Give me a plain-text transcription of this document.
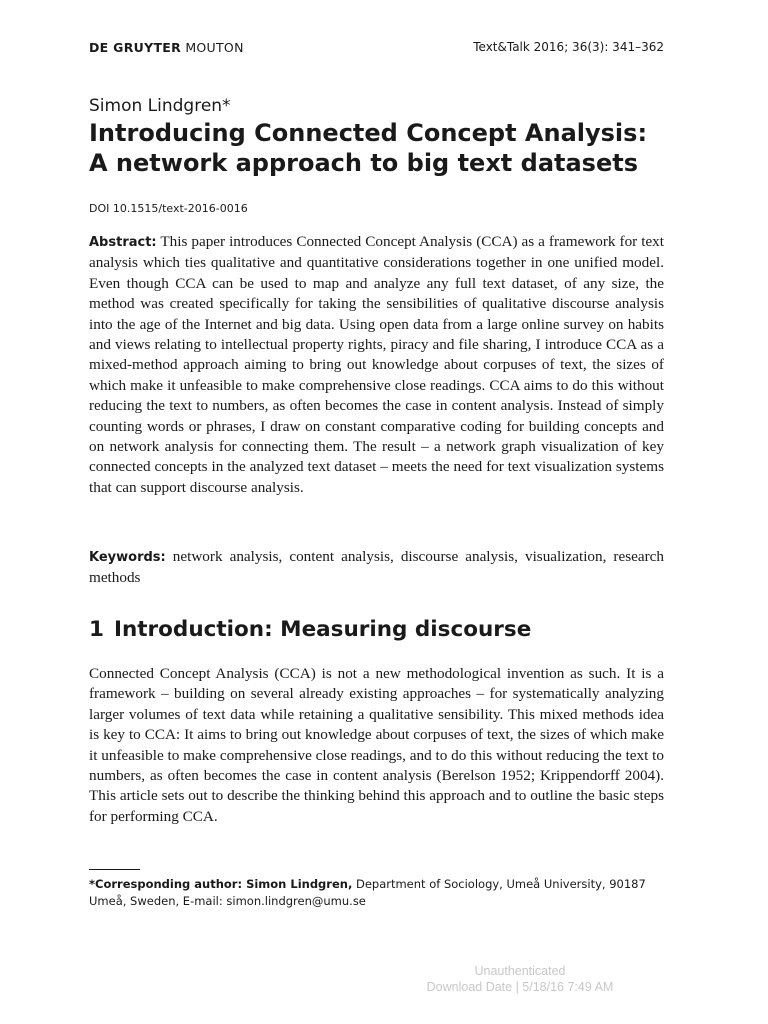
DE GRUYTER MOUTON	Text&Talk 2016; 36(3): 341–362
Simon Lindgren*
Introducing Connected Concept Analysis:
A network approach to big text datasets
DOI 10.1515/text-2016-0016
Abstract: This paper introduces Connected Concept Analysis (CCA) as a framework for text analysis which ties qualitative and quantitative considerations together in one unified model. Even though CCA can be used to map and analyze any full text dataset, of any size, the method was created specifically for taking the sensibilities of qualitative discourse analysis into the age of the Internet and big data. Using open data from a large online survey on habits and views relating to intellectual property rights, piracy and file sharing, I introduce CCA as a mixed-method approach aiming to bring out knowledge about corpuses of text, the sizes of which make it unfeasible to make comprehensive close readings. CCA aims to do this without reducing the text to numbers, as often becomes the case in content analysis. Instead of simply counting words or phrases, I draw on constant comparative coding for building concepts and on network analysis for connecting them. The result – a network graph visualization of key connected concepts in the analyzed text dataset – meets the need for text visualization systems that can support discourse analysis.
Keywords: network analysis, content analysis, discourse analysis, visualization, research methods
1 Introduction: Measuring discourse
Connected Concept Analysis (CCA) is not a new methodological invention as such. It is a framework – building on several already existing approaches – for systematically analyzing larger volumes of text data while retaining a qualitative sensibility. This mixed methods idea is key to CCA: It aims to bring out knowledge about corpuses of text, the sizes of which make it unfeasible to make comprehensive close readings, and to do this without reducing the text to numbers, as often becomes the case in content analysis (Berelson 1952; Krippendorff 2004). This article sets out to describe the thinking behind this approach and to outline the basic steps for performing CCA.
*Corresponding author: Simon Lindgren, Department of Sociology, Umeå University, 90187
Umeå, Sweden, E-mail: simon.lindgren@umu.se
Unauthenticated
Download Date | 5/18/16 7:49 AM
